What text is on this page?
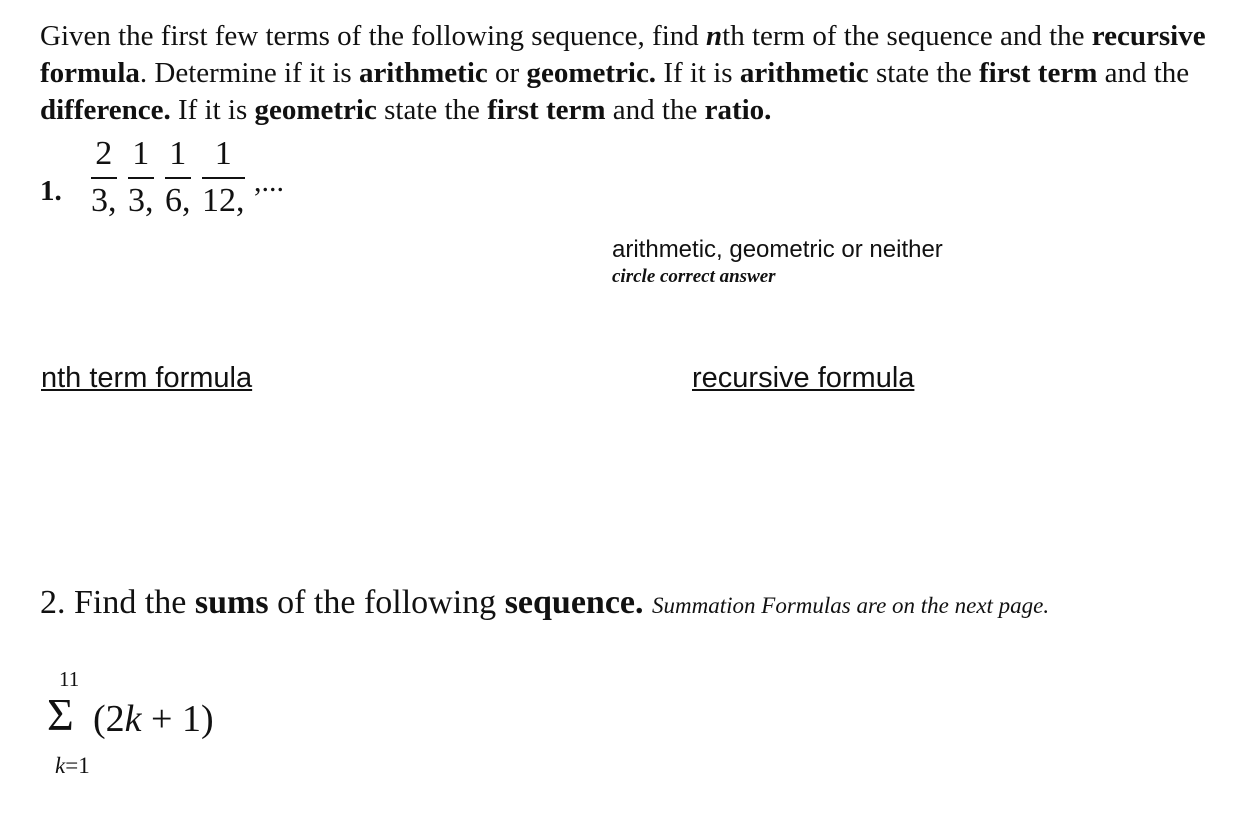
Given the first few terms of the following sequence, find nth term of the sequence and the recursive formula. Determine if it is arithmetic or geometric. If it is arithmetic state the first term and the difference. If it is geometric state the first term and the ratio.

1.
2
3,
1
3,
1
6,
1
12, ,...
arithmetic, geometric or neither
circle correct answer
nth term formula	recursive formula
2. Find the sums of the following sequence. Summation Formulas are on the next page.
11
Σ (2k + 1)
k=1
